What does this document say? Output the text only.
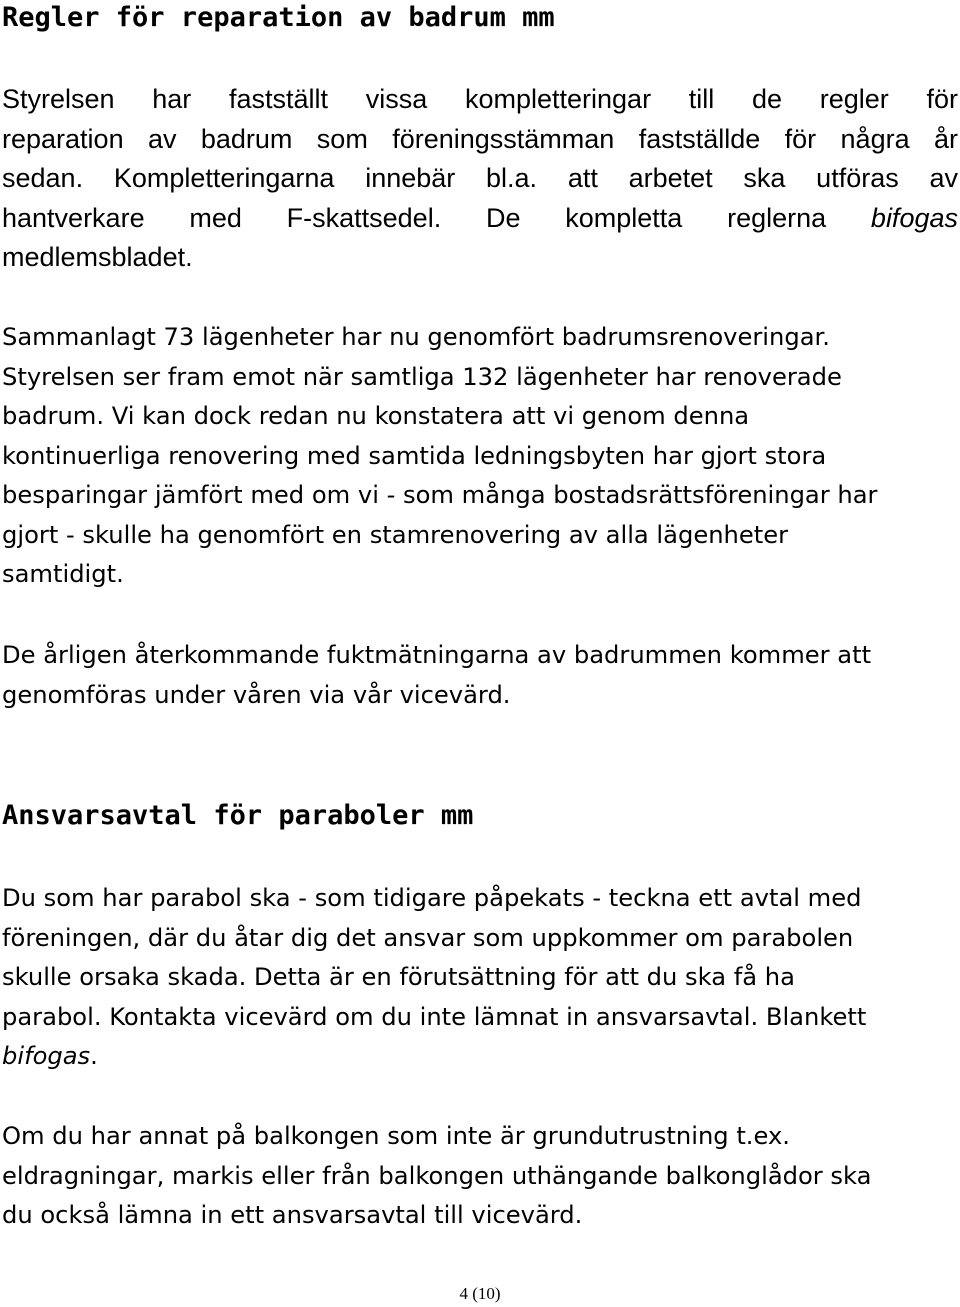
Regler för reparation av badrum mm
Styrelsen har fastställt vissa kompletteringar till de regler för
reparation av badrum som föreningsstämman fastställde för några år
sedan. Kompletteringarna innebär bl.a. att arbetet ska utföras av
hantverkare med F-skattsedel. De kompletta reglerna bifogas
medlemsbladet.
Sammanlagt 73 lägenheter har nu genomfört badrumsrenoveringar.
Styrelsen ser fram emot när samtliga 132 lägenheter har renoverade
badrum. Vi kan dock redan nu konstatera att vi genom denna
kontinuerliga renovering med samtida ledningsbyten har gjort stora
besparingar jämfört med om vi - som många bostadsrättsföreningar har
gjort - skulle ha genomfört en stamrenovering av alla lägenheter
samtidigt.
De årligen återkommande fuktmätningarna av badrummen kommer att
genomföras under våren via vår vicevärd.
Ansvarsavtal för paraboler mm
Du som har parabol ska - som tidigare påpekats - teckna ett avtal med
föreningen, där du åtar dig det ansvar som uppkommer om parabolen
skulle orsaka skada. Detta är en förutsättning för att du ska få ha
parabol. Kontakta vicevärd om du inte lämnat in ansvarsavtal. Blankett
bifogas.
Om du har annat på balkongen som inte är grundutrustning t.ex.
eldragningar, markis eller från balkongen uthängande balkonglådor ska
du också lämna in ett ansvarsavtal till vicevärd.
4 (10)
